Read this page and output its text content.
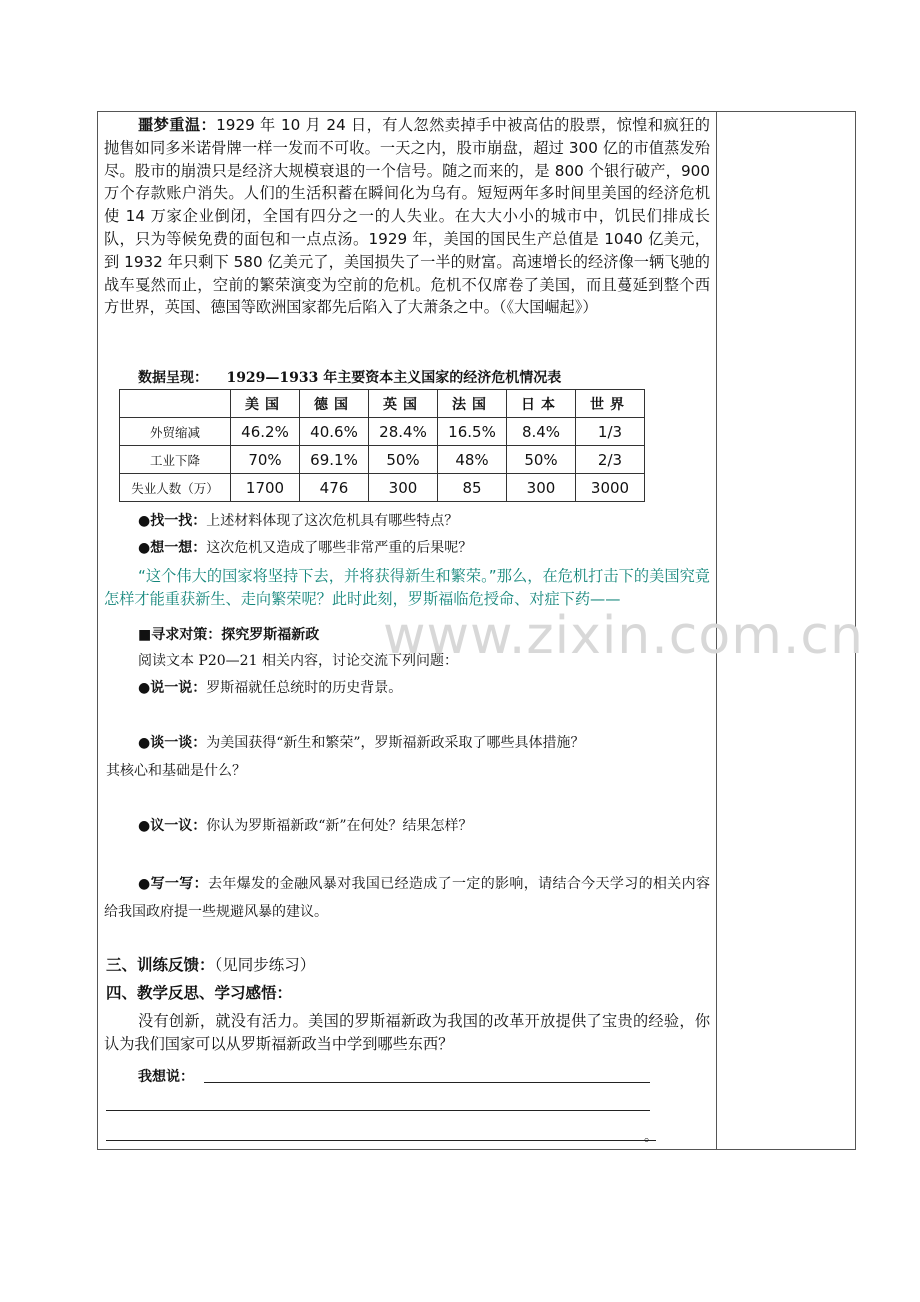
www.zixin.com.cn

噩梦重温：1929 年 10 月 24 日，有人忽然卖掉手中被高估的股票，惊惶和疯狂的抛售如同多米诺骨牌一样一发而不可收。一天之内，股市崩盘，超过 300 亿的市值蒸发殆尽。股市的崩溃只是经济大规模衰退的一个信号。随之而来的，是 800 个银行破产，900 万个存款账户消失。人们的生活积蓄在瞬间化为乌有。短短两年多时间里美国的经济危机使 14 万家企业倒闭，全国有四分之一的人失业。在大大小小的城市中，饥民们排成长队，只为等候免费的面包和一点点汤。1929 年，美国的国民生产总值是 1040 亿美元，到 1932 年只剩下 580 亿美元了，美国损失了一半的财富。高速增长的经济像一辆飞驰的战车戛然而止，空前的繁荣演变为空前的危机。危机不仅席卷了美国，而且蔓延到整个西方世界，英国、德国等欧洲国家都先后陷入了大萧条之中。（《大国崛起》）

数据呈现： 1929—1933 年主要资本主义国家的经济危机情况表
	美国	德国	英国	法国	日本	世界
外贸缩减	46.2%	40.6%	28.4%	16.5%	8.4%	1/3
工业下降	70%	69.1%	50%	48%	50%	2/3
失业人数（万）	1700	476	300	85	300	3000
●找一找：上述材料体现了这次危机具有哪些特点？
●想一想：这次危机又造成了哪些非常严重的后果呢？

“这个伟大的国家将坚持下去，并将获得新生和繁荣。”那么，在危机打击下的美国究竟怎样才能重获新生、走向繁荣呢？此时此刻，罗斯福临危授命、对症下药——

■寻求对策：探究罗斯福新政
阅读文本 P20—21 相关内容，讨论交流下列问题：
●说一说：罗斯福就任总统时的历史背景。
●谈一谈：为美国获得“新生和繁荣”，罗斯福新政采取了哪些具体措施？
其核心和基础是什么？
●议一议：你认为罗斯福新政“新”在何处？结果怎样？

●写一写：去年爆发的金融风暴对我国已经造成了一定的影响，请结合今天学习的相关内容给我国政府提一些规避风暴的建议。

三、训练反馈：（见同步练习）
四、教学反思、学习感悟：

没有创新，就没有活力。美国的罗斯福新政为我国的改革开放提供了宝贵的经验，你认为我们国家可以从罗斯福新政当中学到哪些东西？

我想说：
。
